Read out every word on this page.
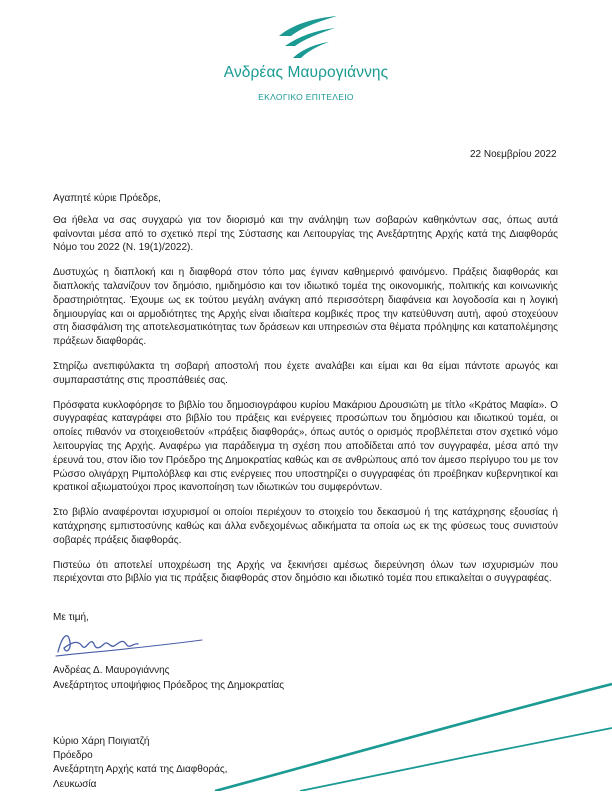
Ανδρέας Μαυρογιάννης
ΕΚΛΟΓΙΚΟ ΕΠΙΤΕΛΕΙΟ
22 Νοεμβρίου 2022

Αγαπητέ κύριε Πρόεδρε,

Θα ήθελα να σας συγχαρώ για τον διορισμό και την ανάληψη των σοβαρών καθηκόντων σας, όπως αυτά φαίνονται μέσα από το σχετικό περί της Σύστασης και Λειτουργίας της Ανεξάρτητης Αρχής κατά της Διαφθοράς Νόμο του 2022 (Ν. 19(1)/2022).

Δυστυχώς η διαπλοκή και η διαφθορά στον τόπο μας έγιναν καθημερινό φαινόμενο. Πράξεις διαφθοράς και διαπλοκής ταλανίζουν τον δημόσιο, ημιδημόσιο και τον ιδιωτικό τομέα της οικονομικής, πολιτικής και κοινωνικής δραστηριότητας. Έχουμε ως εκ τούτου μεγάλη ανάγκη από περισσότερη διαφάνεια και λογοδοσία και η λογική δημιουργίας και οι αρμοδιότητες της Αρχής είναι ιδιαίτερα κομβικές προς την κατεύθυνση αυτή, αφού στοχεύουν στη διασφάλιση της αποτελεσματικότητας των δράσεων και υπηρεσιών στα θέματα πρόληψης και καταπολέμησης πράξεων διαφθοράς.

Στηρίζω ανεπιφύλακτα τη σοβαρή αποστολή που έχετε αναλάβει και είμαι και θα είμαι πάντοτε αρωγός και συμπαραστάτης στις προσπάθειές σας.

Πρόσφατα κυκλοφόρησε το βιβλίο του δημοσιογράφου κυρίου Μακάριου Δρουσιώτη με τίτλο «Κράτος Μαφία». Ο συγγραφέας καταγράφει στο βιβλίο του πράξεις και ενέργειες προσώπων του δημόσιου και ιδιωτικού τομέα, οι οποίες πιθανόν να στοιχειοθετούν «πράξεις διαφθοράς», όπως αυτός ο ορισμός προβλέπεται στον σχετικό νόμο λειτουργίας της Αρχής. Αναφέρω για παράδειγμα τη σχέση που αποδίδεται από τον συγγραφέα, μέσα από την έρευνά του, στον ίδιο τον Πρόεδρο της Δημοκρατίας καθώς και σε ανθρώπους από τον άμεσο περίγυρο του με τον Ρώσσο ολιγάρχη Ριμπολόβλεφ και στις ενέργειες που υποστηρίζει ο συγγραφέας ότι προέβηκαν κυβερνητικοί και κρατικοί αξιωματούχοι προς ικανοποίηση των ιδιωτικών του συμφερόντων.

Στο βιβλίο αναφέρονται ισχυρισμοί οι οποίοι περιέχουν το στοιχείο του δεκασμού ή της κατάχρησης εξουσίας ή κατάχρησης εμπιστοσύνης καθώς και άλλα ενδεχομένως αδικήματα τα οποία ως εκ της φύσεως τους συνιστούν σοβαρές πράξεις διαφθοράς.

Πιστεύω ότι αποτελεί υποχρέωση της Αρχής να ξεκινήσει αμέσως διερεύνηση όλων των ισχυρισμών που περιέχονται στο βιβλίο για τις πράξεις διαφθοράς στον δημόσιο και ιδιωτικό τομέα που επικαλείται ο συγγραφέας.

Με τιμή,
Ανδρέας Δ. Μαυρογιάννης
Ανεξάρτητος υποψήφιος Πρόεδρος της Δημοκρατίας
Κύριο Χάρη Ποιγιατζή
Πρόεδρο
Ανεξάρτητη Αρχής κατά της Διαφθοράς,
Λευκωσία
